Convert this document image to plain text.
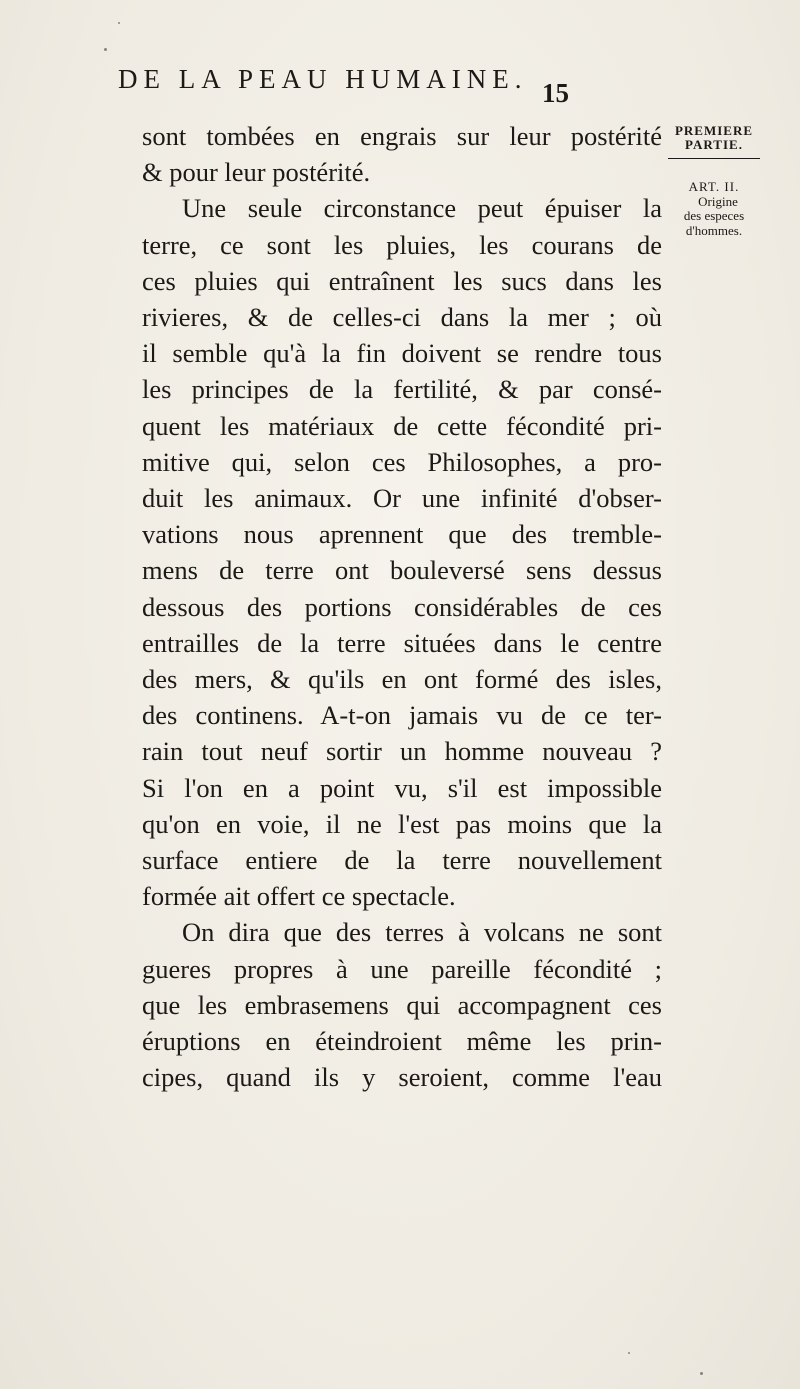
DE LA PEAU HUMAINE. 15
PREMIERE PARTIE.
ART. II.
Origine
des especes
d'hommes.
sont tombées en engrais sur leur postérité
& pour leur postérité.
Une seule circonstance peut épuiser la
terre, ce sont les pluies, les courans de
ces pluies qui entraînent les sucs dans les
rivieres, & de celles-ci dans la mer ; où
il semble qu'à la fin doivent se rendre tous
les principes de la fertilité, & par consé-
quent les matériaux de cette fécondité pri-
mitive qui, selon ces Philosophes, a pro-
duit les animaux. Or une infinité d'obser-
vations nous aprennent que des tremble-
mens de terre ont bouleversé sens dessus
dessous des portions considérables de ces
entrailles de la terre situées dans le centre
des mers, & qu'ils en ont formé des isles,
des continens. A-t-on jamais vu de ce ter-
rain tout neuf sortir un homme nouveau ?
Si l'on en a point vu, s'il est impossible
qu'on en voie, il ne l'est pas moins que la
surface entiere de la terre nouvellement
formée ait offert ce spectacle.
On dira que des terres à volcans ne sont
gueres propres à une pareille fécondité ;
que les embrasemens qui accompagnent ces
éruptions en éteindroient même les prin-
cipes, quand ils y seroient, comme l'eau
